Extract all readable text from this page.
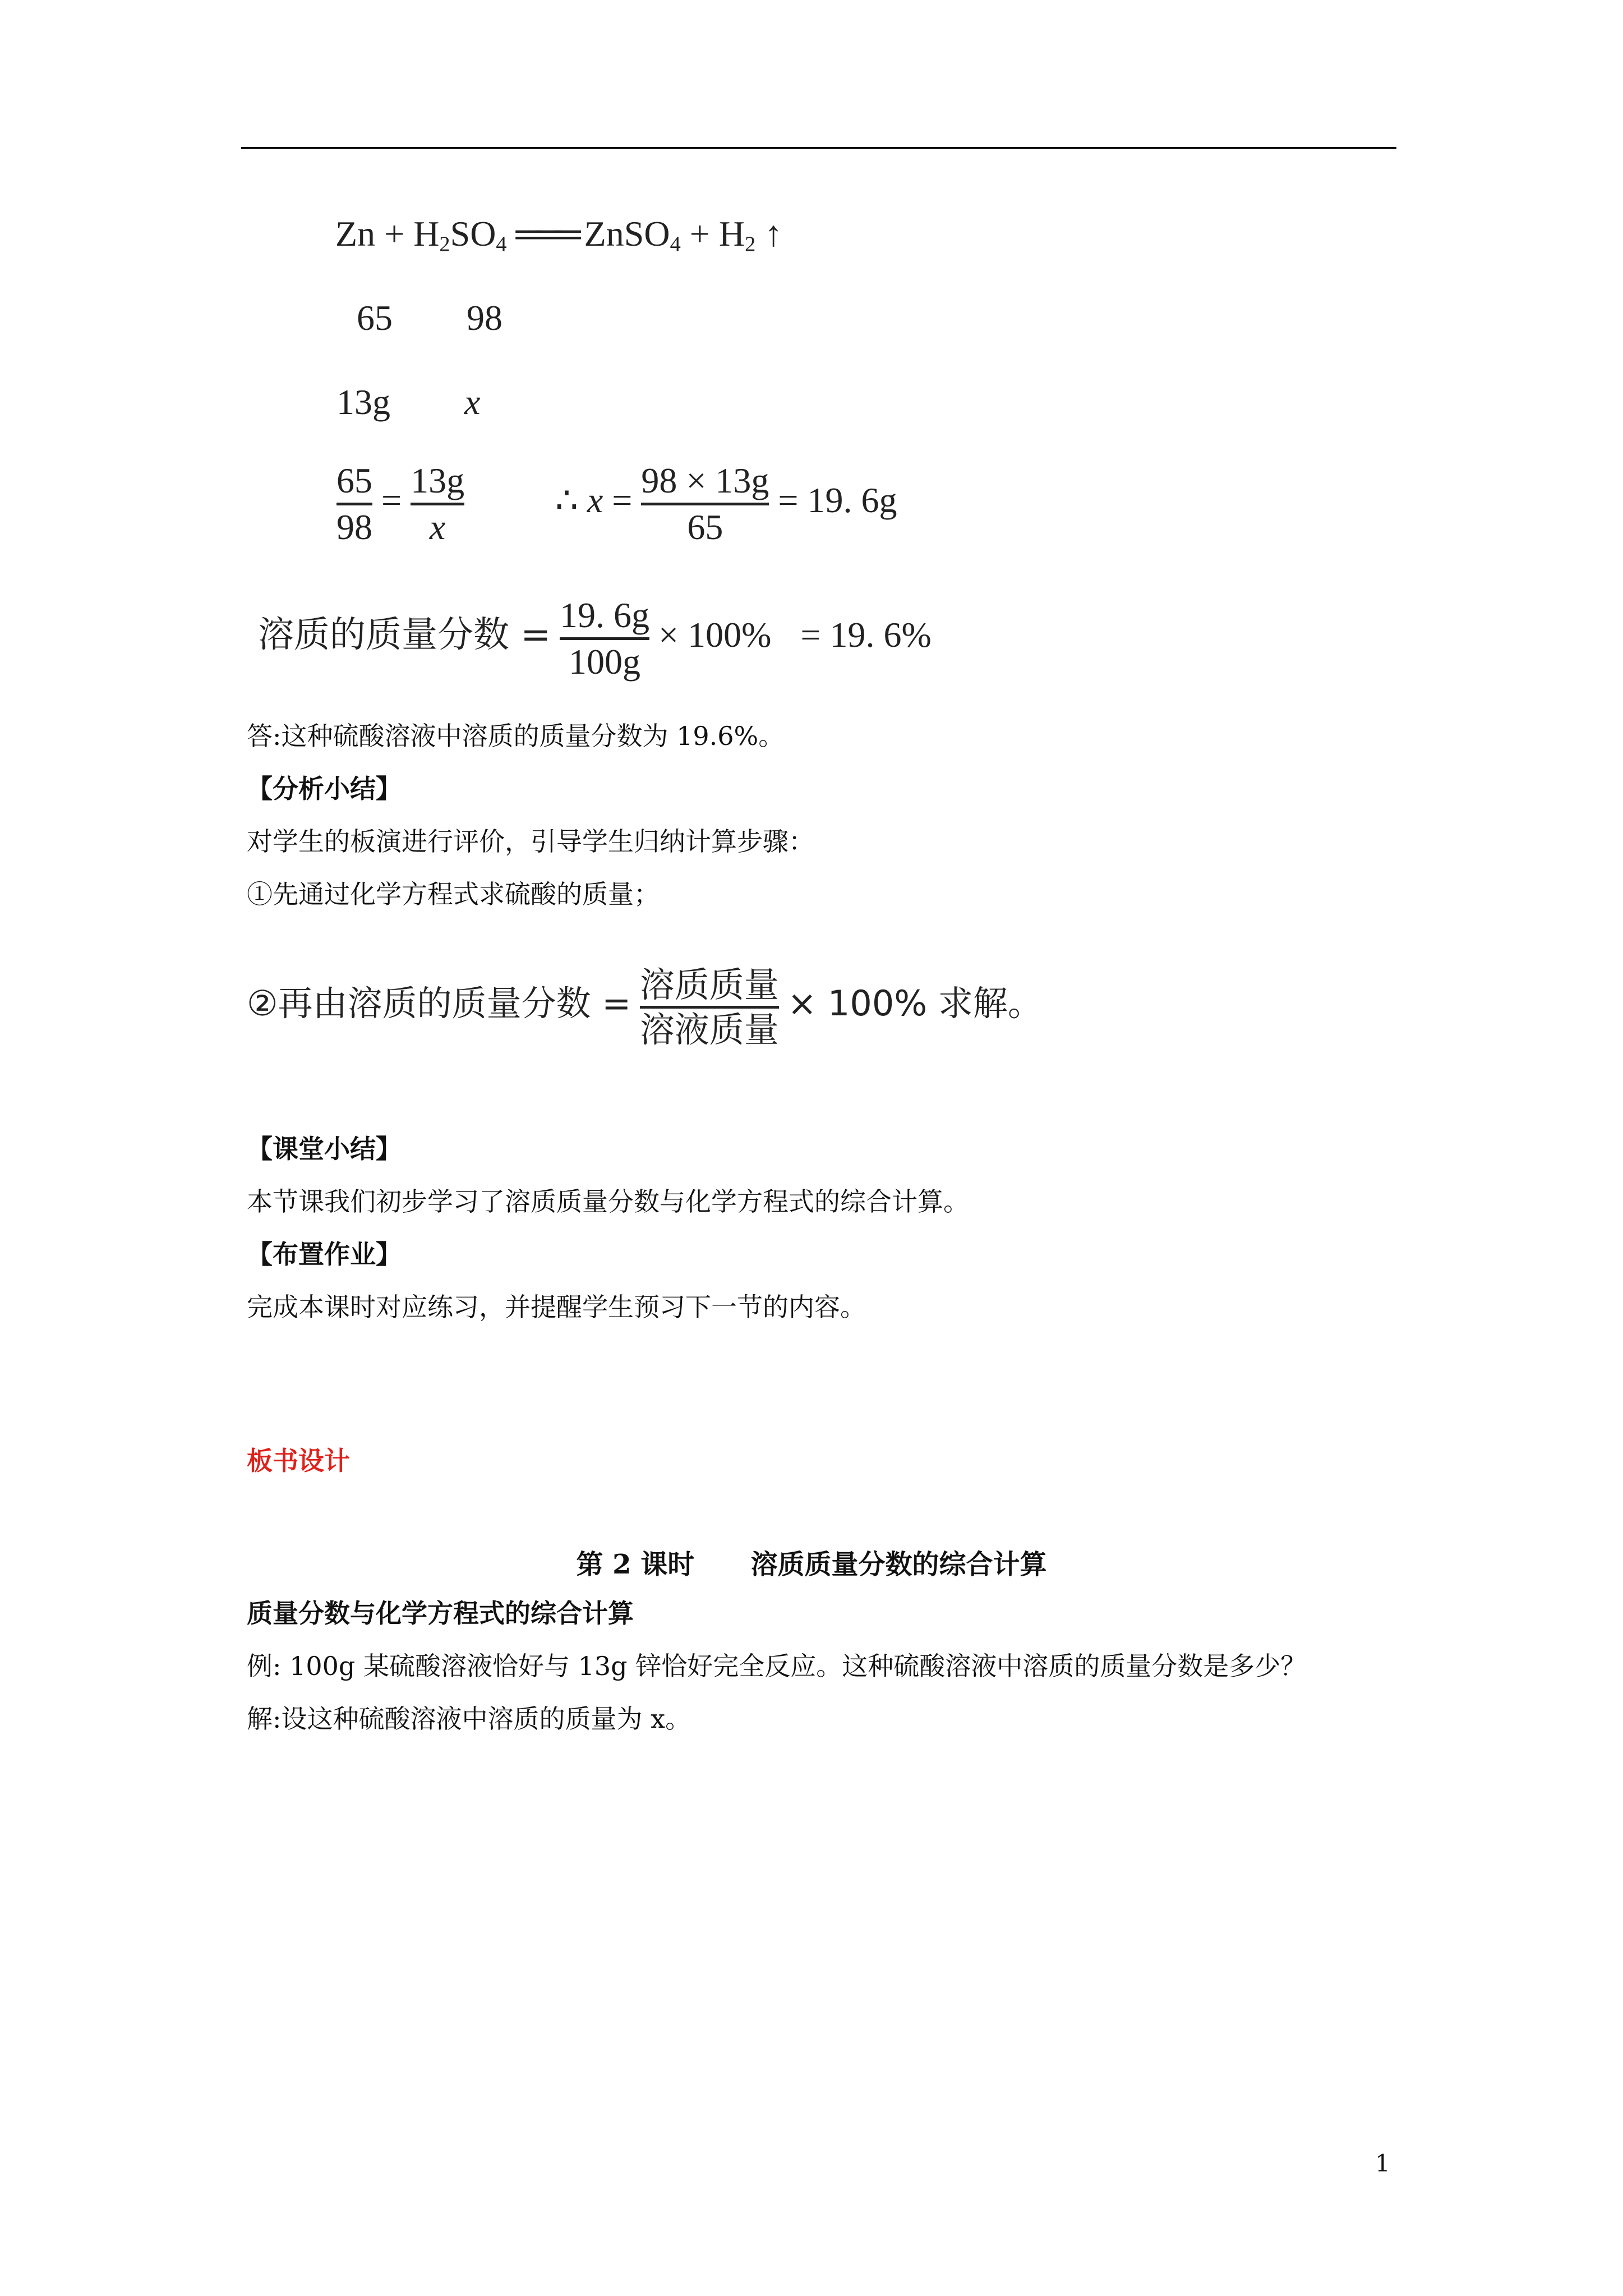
$Zn + H_2SO_4$ ═══ ZnSO$_4$ + $H_2$ ↑
65 98
13g x
65
98
= 13g
x
∴ x = 98 × 13g
65
= 19. 6g
溶质的质量分数 = 19. 6g
100g
× 100% = 19. 6%
答:这种硫酸溶液中溶质的质量分数为 19.6%。
【分析小结】
对学生的板演进行评价，引导学生归纳计算步骤：
①先通过化学方程式求硫酸的质量；
②再由溶质的质量分数 = 溶质质量
溶液质量
× 100% 求解。
【课堂小结】
本节课我们初步学习了溶质质量分数与化学方程式的综合计算。
【布置作业】
完成本课时对应练习，并提醒学生预习下一节的内容。
板书设计
第 2 课时      溶质质量分数的综合计算
质量分数与化学方程式的综合计算
例: 100g 某硫酸溶液恰好与 13g 锌恰好完全反应。这种硫酸溶液中溶质的质量分数是多少？
解:设这种硫酸溶液中溶质的质量为 x。
1
